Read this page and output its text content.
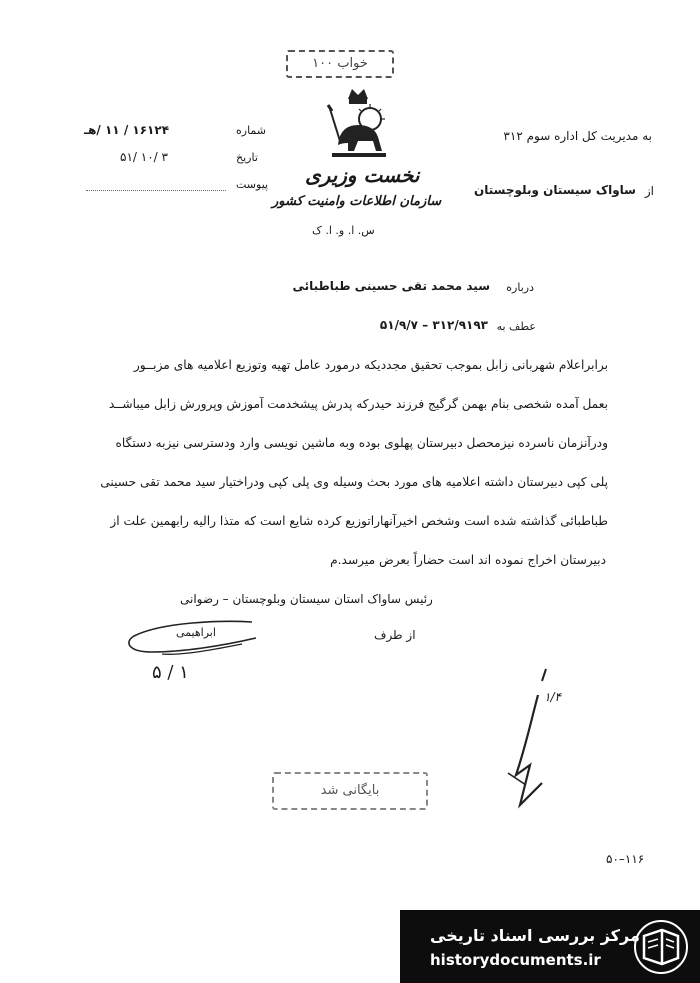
خواب ۱۰۰
نخست وزیری
سازمان اطلاعات وامنیت کشور
س. ا. و. ا. ک
شماره
۱۶۱۲۴ / ۱۱ /هـ
تاریخ
۵۱/ ۱۰/ ۳
پیوست
به مدیریت کل اداره سوم ۳۱۲
از
ساواک سیستان وبلوچستان
درباره
سید محمد تقی حسینی طباطبائی
عطف به
۵۱/۹/۷ – ۳۱۲/۹۱۹۳
برابراعلام شهربانی زابل بموجب تحقیق مجددیکه درمورد عامل تهیه وتوزیع اعلامیه های مزبــور
بعمل آمده شخصی بنام بهمن گرگیج فرزند حیدرکه پدرش پیشخدمت آموزش وپرورش زابل میباشــد
ودرآنزمان ناسرده نیزمحصل دبیرستان پهلوی بوده وبه ماشین نویسی وارد ودسترسی نیزبه دستگاه
پلی کپی دبیرستان داشته اعلامیه های مورد بحث وسیله وی پلی کپی ودراختیار سید محمد تقی حسینی
طباطبائی گذاشته شده است وشخص اخیرآنهاراتوزیع کرده شایع است که متذا رالیه رابهمین علت از
دبیرستان اخراج نموده اند است حضاراً بعرض میرسد.م
رئیس ساواک استان سیستان وبلوچستان – رضوانی
از طرف
ابراهیمی
۵ / ۱
۱/۴
بایگانی شد
۵۰–۱۱۶
مرکز بررسی اسناد تاریخی
historydocuments.ir
